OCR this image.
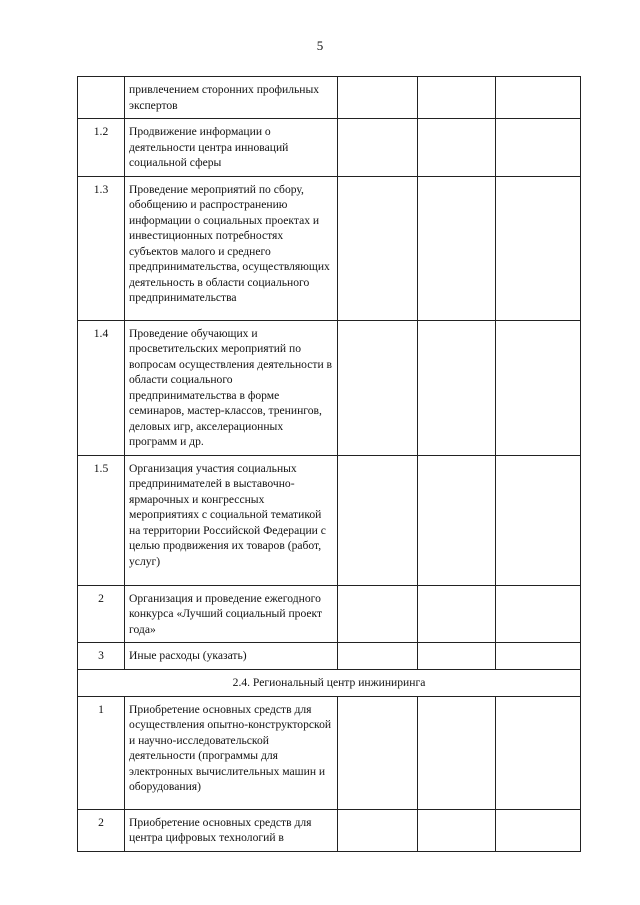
5
	привлечением сторонних профильных экспертов			
1.2	Продвижение информации о деятельности центра инноваций социальной сферы			
1.3	Проведение мероприятий по сбору, обобщению и распространению информации о социальных проектах и инвестиционных потребностях субъектов малого и среднего предпринимательства, осуществляющих деятельность в области социального предпринимательства			
1.4	Проведение обучающих и просветительских мероприятий по вопросам осуществления деятельности в области социального предпринимательства в форме семинаров, мастер-классов, тренингов, деловых игр, акселерационных программ и др.			
1.5	Организация участия социальных предпринимателей в выставочно-ярмарочных и конгрессных мероприятиях с социальной тематикой на территории Российской Федерации с целью продвижения их товаров (работ, услуг)			
2	Организация и проведение ежегодного конкурса «Лучший социальный проект года»			
3	Иные расходы (указать)			
2.4. Региональный центр инжиниринга				
1	Приобретение основных средств для осуществления опытно-конструкторской и научно-исследовательской деятельности (программы для электронных вычислительных машин и оборудования)			
2	Приобретение основных средств для центра цифровых технологий в			
